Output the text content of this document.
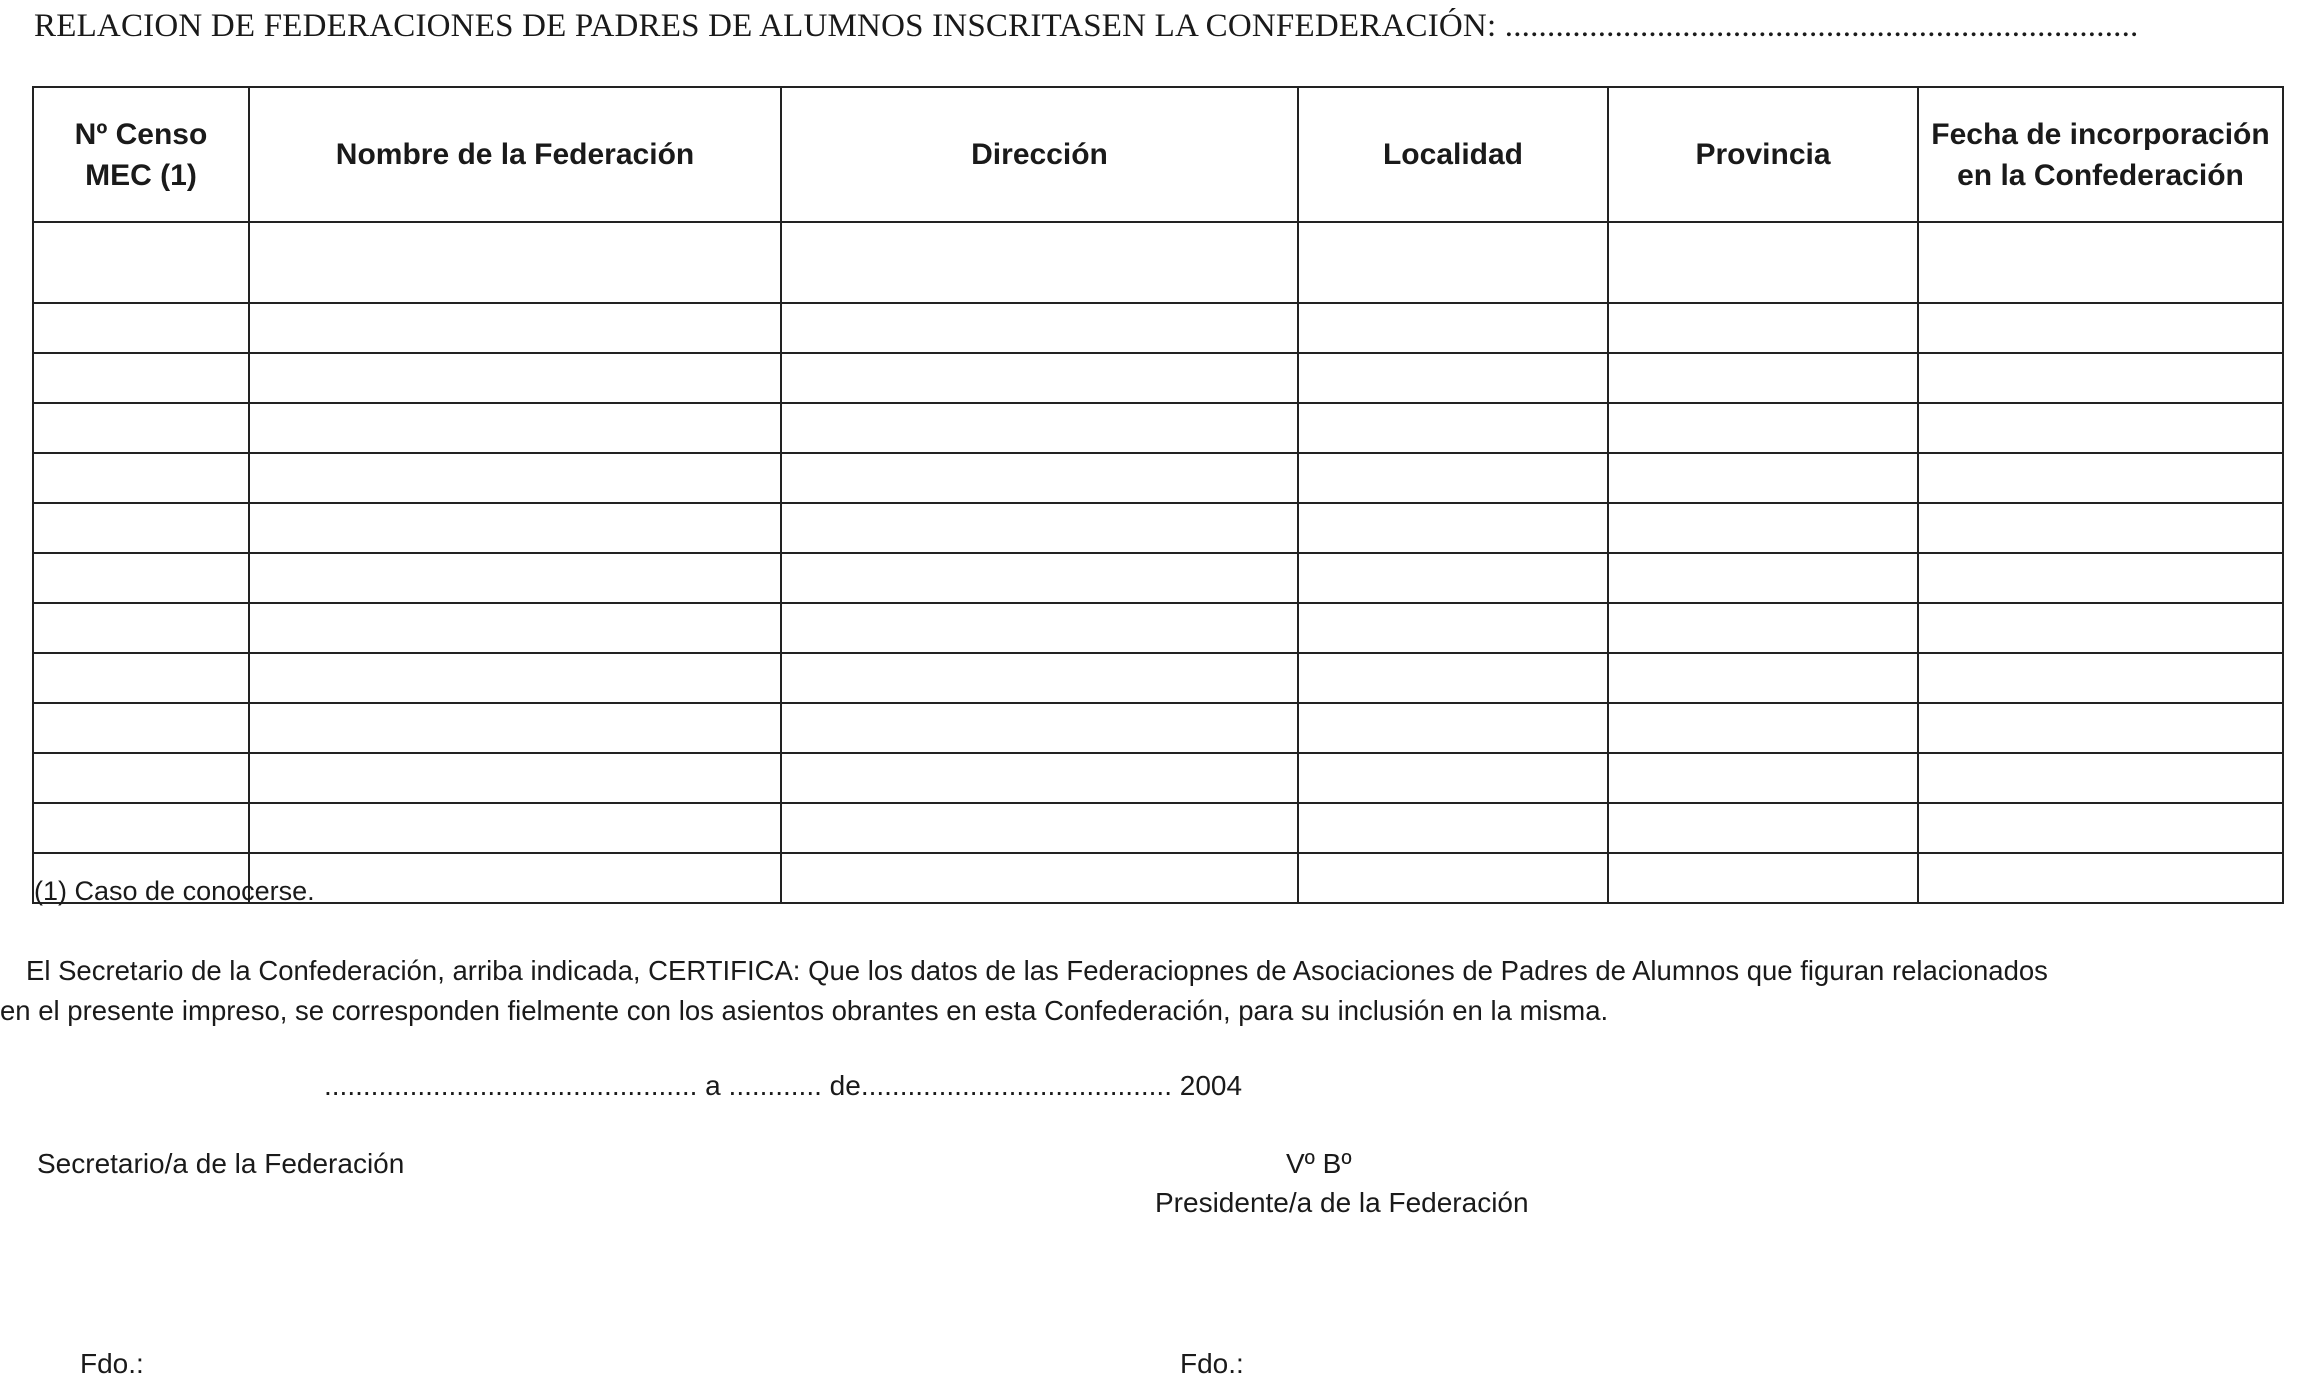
RELACION DE FEDERACIONES DE PADRES DE ALUMNOS INSCRITASEN LA CONFEDERACIÓN: ...........................................................................
Nº Censo MEC (1)	Nombre de la Federación	Dirección	Localidad	Provincia	Fecha de incorporación en la Confederación

(1) Caso de conocerse.
El Secretario de la Confederación, arriba indicada, CERTIFICA: Que los datos de las Federaciopnes de Asociaciones de Padres de Alumnos que figuran relacionados
en el presente impreso, se corresponden fielmente con los asientos obrantes en esta Confederación, para su inclusión en la misma.
................................................ a ............ de........................................ 2004
Secretario/a de la Federación	Vº Bº
Presidente/a de la Federación
Fdo.:	Fdo.:
